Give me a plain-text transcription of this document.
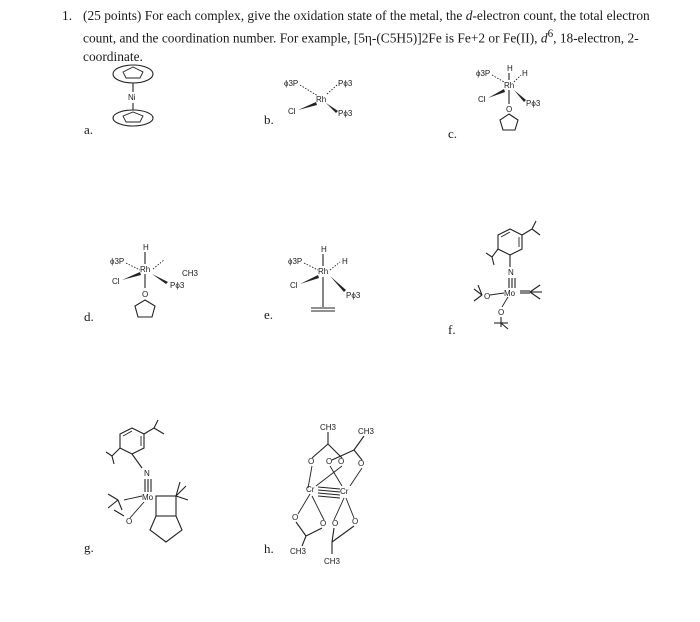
1. (25 points) For each complex, give the oxidation state of the metal, the d-electron count, the total electron count, and the coordination number. For example, [5η-(C5H5)]2Fe is Fe+2 or Fe(II), $d^6$, 18-electron, 2-coordinate.
a.
b.
c.
d.	e.
f.
g.	h.
Ni
ϕ3P	Pϕ3
Rh
Cl	Pϕ3
ϕ3P
H
H
Rh
Cl	Pϕ3
O
ϕ3P
H
Rh	CH3
Cl	Pϕ3
O
ϕ3P
H
H
Rh
Cl
Pϕ3
N
Mo
O
O
N
Mo
O
CH3	CH3
O O O O
Cr	Cr
O
O O O
CH3
CH3
